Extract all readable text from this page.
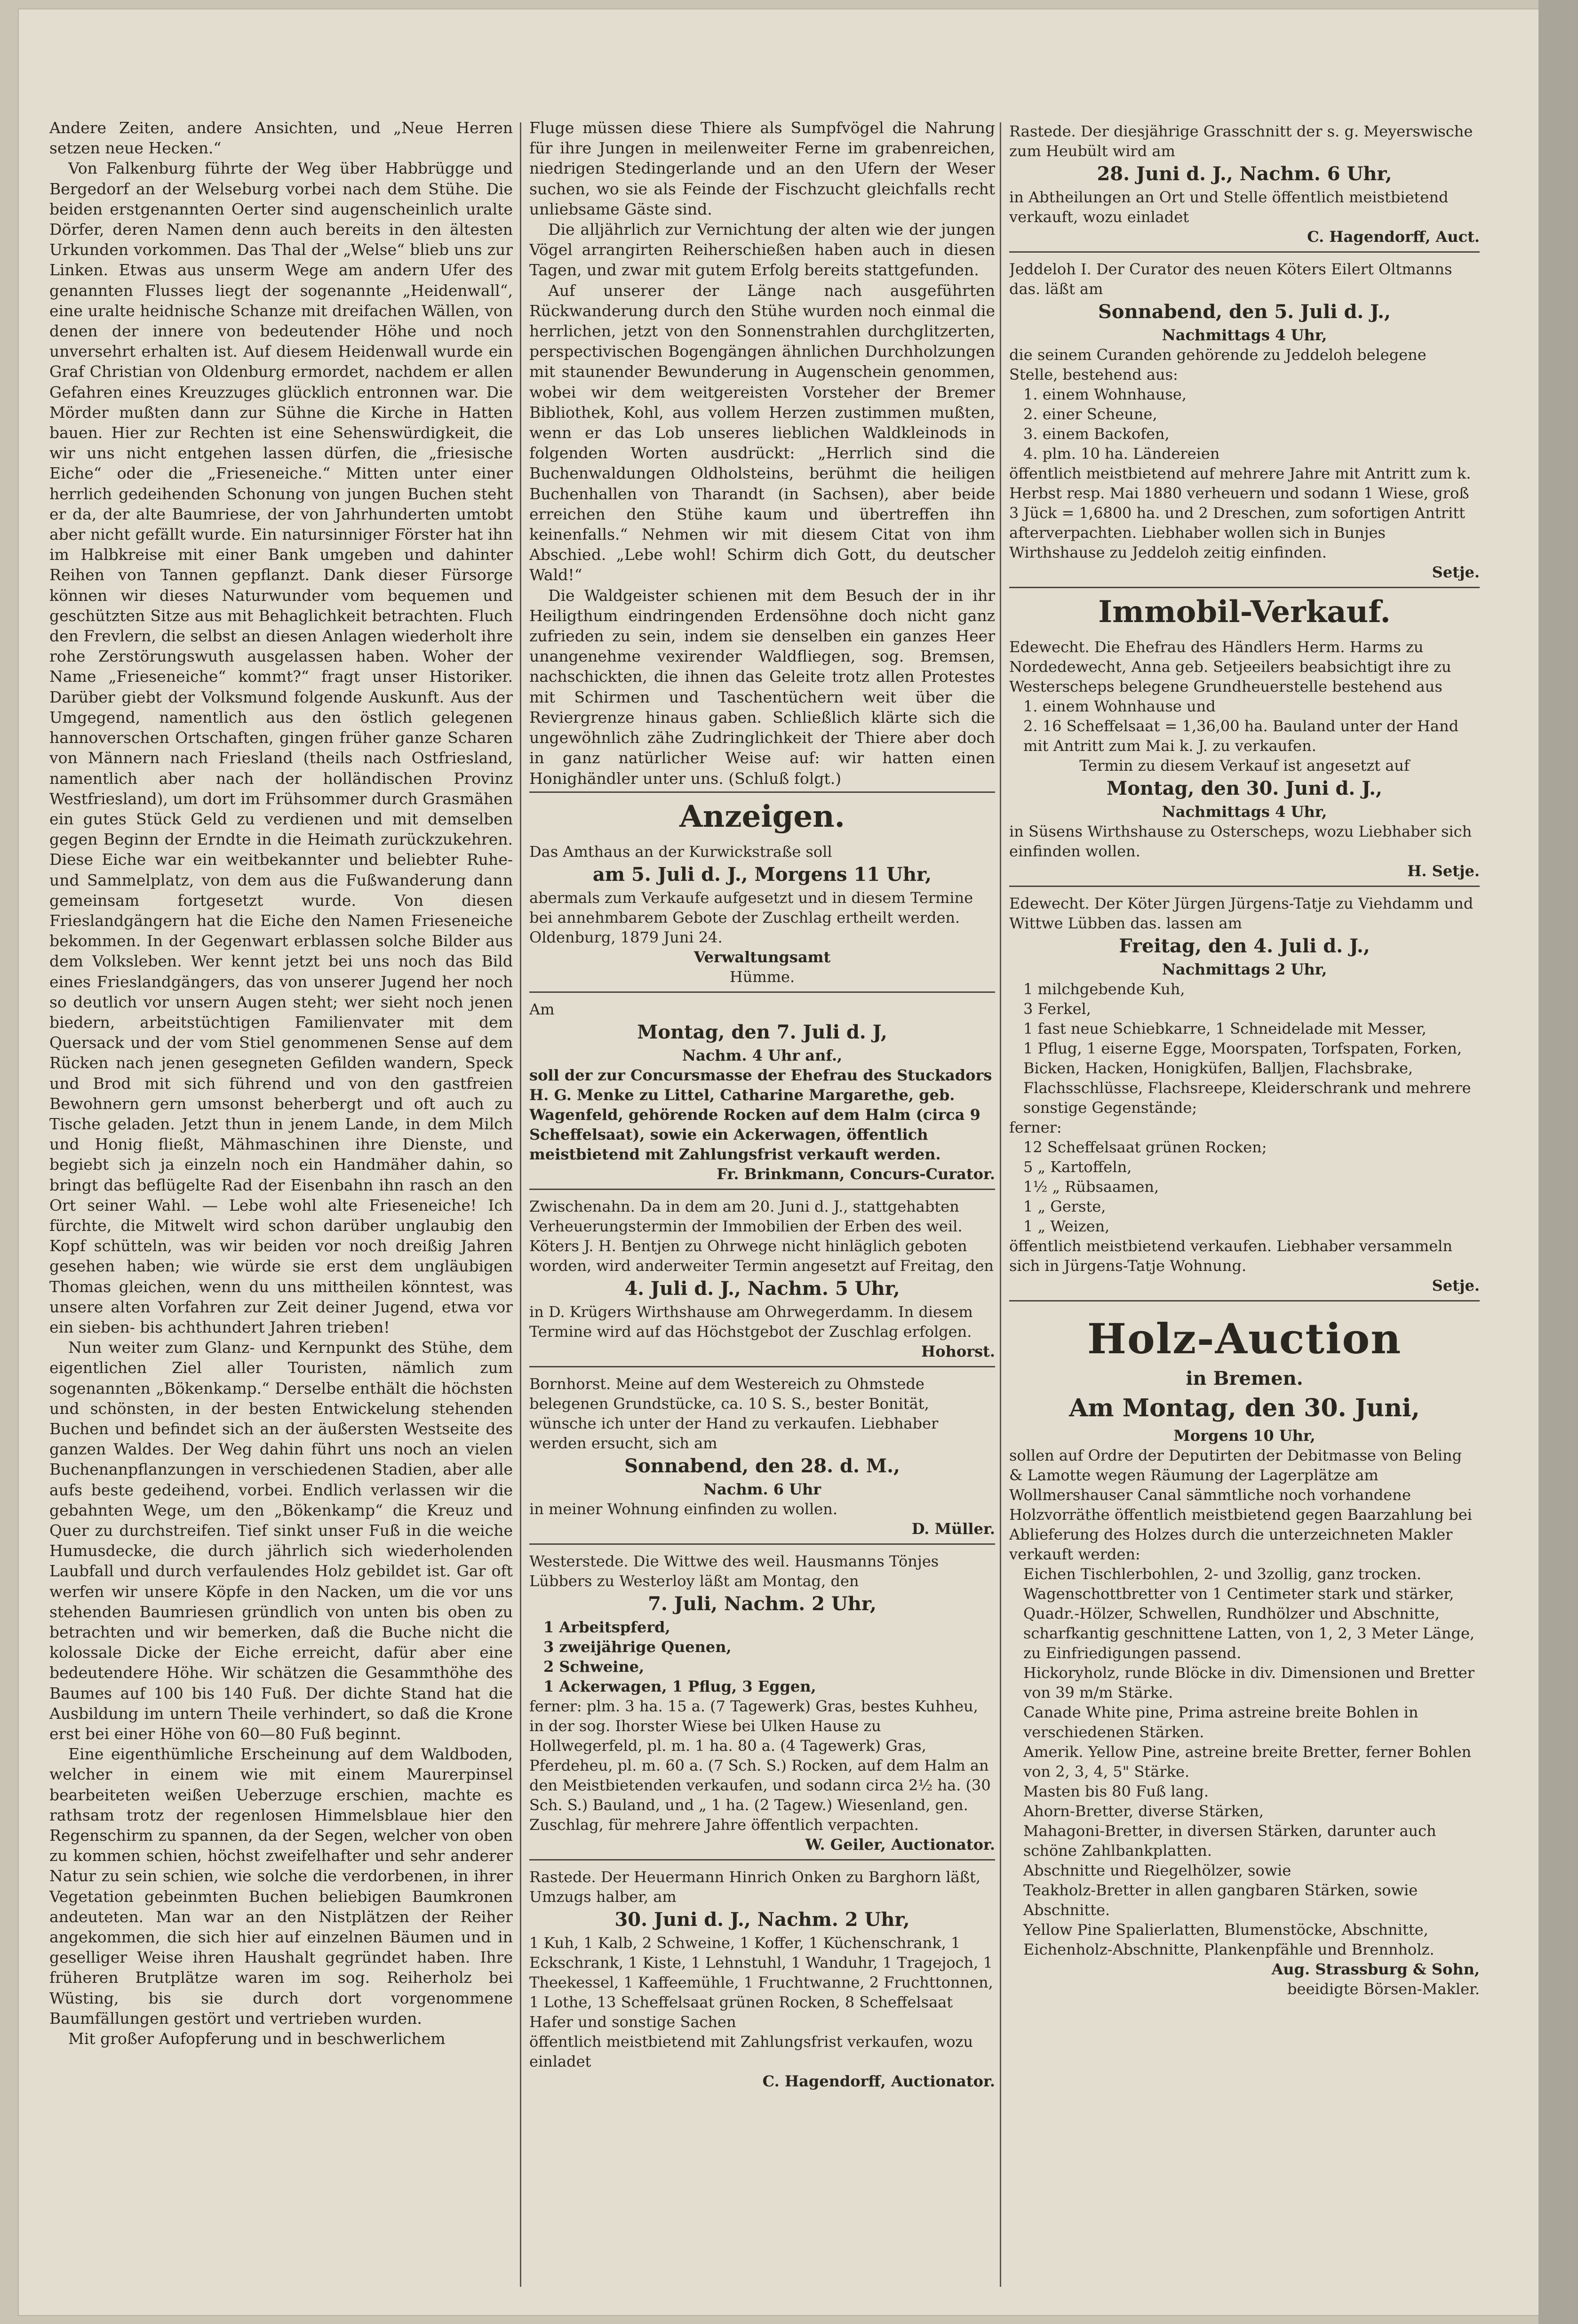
Andere Zeiten, andere Ansichten, und „Neue Herren setzen neue Hecken.“

Von Falkenburg führte der Weg über Habbrügge und Bergedorf an der Welseburg vorbei nach dem Stühe. Die beiden erstgenannten Oerter sind augenscheinlich uralte Dörfer, deren Namen denn auch bereits in den ältesten Urkunden vorkommen. Das Thal der „Welse“ blieb uns zur Linken. Etwas aus unserm Wege am andern Ufer des genannten Flusses liegt der sogenannte „Heidenwall“, eine uralte heidnische Schanze mit dreifachen Wällen, von denen der innere von bedeutender Höhe und noch unversehrt erhalten ist. Auf diesem Heidenwall wurde ein Graf Christian von Oldenburg ermordet, nachdem er allen Gefahren eines Kreuzzuges glücklich entronnen war. Die Mörder mußten dann zur Sühne die Kirche in Hatten bauen. Hier zur Rechten ist eine Sehenswürdigkeit, die wir uns nicht entgehen lassen dürfen, die „friesische Eiche“ oder die „Frieseneiche.“ Mitten unter einer herrlich gedeihenden Schonung von jungen Buchen steht er da, der alte Baumriese, der von Jahrhunderten umtobt aber nicht gefällt wurde. Ein natursinniger Förster hat ihn im Halbkreise mit einer Bank umgeben und dahinter Reihen von Tannen gepflanzt. Dank dieser Fürsorge können wir dieses Naturwunder vom bequemen und geschützten Sitze aus mit Behaglichkeit betrachten. Fluch den Frevlern, die selbst an diesen Anlagen wiederholt ihre rohe Zerstörungswuth ausgelassen haben. Woher der Name „Frieseneiche“ kommt?“ fragt unser Historiker. Darüber giebt der Volksmund folgende Auskunft. Aus der Umgegend, namentlich aus den östlich gelegenen hannoverschen Ortschaften, gingen früher ganze Scharen von Männern nach Friesland (theils nach Ostfriesland, namentlich aber nach der holländischen Provinz Westfriesland), um dort im Frühsommer durch Grasmähen ein gutes Stück Geld zu verdienen und mit demselben gegen Beginn der Erndte in die Heimath zurückzukehren. Diese Eiche war ein weitbekannter und beliebter Ruhe- und Sammelplatz, von dem aus die Fußwanderung dann gemeinsam fortgesetzt wurde. Von diesen Frieslandgängern hat die Eiche den Namen Frieseneiche bekommen. In der Gegenwart erblassen solche Bilder aus dem Volksleben. Wer kennt jetzt bei uns noch das Bild eines Frieslandgängers, das von unserer Jugend her noch so deutlich vor unsern Augen steht; wer sieht noch jenen biedern, arbeitstüchtigen Familienvater mit dem Quersack und der vom Stiel genommenen Sense auf dem Rücken nach jenen gesegneten Gefilden wandern, Speck und Brod mit sich führend und von den gastfreien Bewohnern gern umsonst beherbergt und oft auch zu Tische geladen. Jetzt thun in jenem Lande, in dem Milch und Honig fließt, Mähmaschinen ihre Dienste, und begiebt sich ja einzeln noch ein Handmäher dahin, so bringt das beflügelte Rad der Eisenbahn ihn rasch an den Ort seiner Wahl. — Lebe wohl alte Frieseneiche! Ich fürchte, die Mitwelt wird schon darüber unglaubig den Kopf schütteln, was wir beiden vor noch dreißig Jahren gesehen haben; wie würde sie erst dem ungläubigen Thomas gleichen, wenn du uns mittheilen könntest, was unsere alten Vorfahren zur Zeit deiner Jugend, etwa vor ein sieben- bis achthundert Jahren trieben!

Nun weiter zum Glanz- und Kernpunkt des Stühe, dem eigentlichen Ziel aller Touristen, nämlich zum sogenannten „Bökenkamp.“ Derselbe enthält die höchsten und schönsten, in der besten Entwickelung stehenden Buchen und befindet sich an der äußersten Westseite des ganzen Waldes. Der Weg dahin führt uns noch an vielen Buchenanpflanzungen in verschiedenen Stadien, aber alle aufs beste gedeihend, vorbei. Endlich verlassen wir die gebahnten Wege, um den „Bökenkamp“ die Kreuz und Quer zu durchstreifen. Tief sinkt unser Fuß in die weiche Humusdecke, die durch jährlich sich wiederholenden Laubfall und durch verfaulendes Holz gebildet ist. Gar oft werfen wir unsere Köpfe in den Nacken, um die vor uns stehenden Baumriesen gründlich von unten bis oben zu betrachten und wir bemerken, daß die Buche nicht die kolossale Dicke der Eiche erreicht, dafür aber eine bedeutendere Höhe. Wir schätzen die Gesammthöhe des Baumes auf 100 bis 140 Fuß. Der dichte Stand hat die Ausbildung im untern Theile verhindert, so daß die Krone erst bei einer Höhe von 60—80 Fuß beginnt.

Eine eigenthümliche Erscheinung auf dem Waldboden, welcher in einem wie mit einem Maurerpinsel bearbeiteten weißen Ueberzuge erschien, machte es rathsam trotz der regenlosen Himmelsblaue hier den Regenschirm zu spannen, da der Segen, welcher von oben zu kommen schien, höchst zweifelhafter und sehr anderer Natur zu sein schien, wie solche die verdorbenen, in ihrer Vegetation gebeinmten Buchen beliebigen Baumkronen andeuteten. Man war an den Nistplätzen der Reiher angekommen, die sich hier auf einzelnen Bäumen und in geselliger Weise ihren Haushalt gegründet haben. Ihre früheren Brutplätze waren im sog. Reiherholz bei Wüsting, bis sie durch dort vorgenommene Baumfällungen gestört und vertrieben wurden.

Mit großer Aufopferung und in beschwerlichem

Fluge müssen diese Thiere als Sumpfvögel die Nahrung für ihre Jungen in meilenweiter Ferne im grabenreichen, niedrigen Stedingerlande und an den Ufern der Weser suchen, wo sie als Feinde der Fischzucht gleichfalls recht unliebsame Gäste sind.

Die alljährlich zur Vernichtung der alten wie der jungen Vögel arrangirten Reiherschießen haben auch in diesen Tagen, und zwar mit gutem Erfolg bereits stattgefunden.

Auf unserer der Länge nach ausgeführten Rückwanderung durch den Stühe wurden noch einmal die herrlichen, jetzt von den Sonnenstrahlen durchglitzerten, perspectivischen Bogengängen ähnlichen Durchholzungen mit staunender Bewunderung in Augenschein genommen, wobei wir dem weitgereisten Vorsteher der Bremer Bibliothek, Kohl, aus vollem Herzen zustimmen mußten, wenn er das Lob unseres lieblichen Waldkleinods in folgenden Worten ausdrückt: „Herrlich sind die Buchenwaldungen Oldholsteins, berühmt die heiligen Buchenhallen von Tharandt (in Sachsen), aber beide erreichen den Stühe kaum und übertreffen ihn keinenfalls.“ Nehmen wir mit diesem Citat von ihm Abschied. „Lebe wohl! Schirm dich Gott, du deutscher Wald!“

Die Waldgeister schienen mit dem Besuch der in ihr Heiligthum eindringenden Erdensöhne doch nicht ganz zufrieden zu sein, indem sie denselben ein ganzes Heer unangenehme vexirender Waldfliegen, sog. Bremsen, nachschickten, die ihnen das Geleite trotz allen Protestes mit Schirmen und Taschentüchern weit über die Reviergrenze hinaus gaben. Schließlich klärte sich die ungewöhnlich zähe Zudringlichkeit der Thiere aber doch in ganz natürlicher Weise auf: wir hatten einen Honighändler unter uns. (Schluß folgt.)

Anzeigen.

Das Amthaus an der Kurwickstraße soll

am 5. Juli d. J., Morgens 11 Uhr,

abermals zum Verkaufe aufgesetzt und in diesem Termine bei annehmbarem Gebote der Zuschlag ertheilt werden.

Oldenburg, 1879 Juni 24.

Verwaltungsamt

Hümme.

Am

Montag, den 7. Juli d. J,

Nachm. 4 Uhr anf.,

soll der zur Concursmasse der Ehefrau des Stuckadors H. G. Menke zu Littel, Catharine Margarethe, geb. Wagenfeld, gehörende Rocken auf dem Halm (circa 9 Scheffelsaat), sowie ein Ackerwagen, öffentlich meistbietend mit Zahlungsfrist verkauft werden.

Fr. Brinkmann, Concurs-Curator.

Zwischenahn. Da in dem am 20. Juni d. J., stattgehabten Verheuerungstermin der Immobilien der Erben des weil. Köters J. H. Bentjen zu Ohrwege nicht hinläglich geboten worden, wird anderweiter Termin angesetzt auf Freitag, den

4. Juli d. J., Nachm. 5 Uhr,

in D. Krügers Wirthshause am Ohrwegerdamm. In diesem Termine wird auf das Höchstgebot der Zuschlag erfolgen.

Hohorst.

Bornhorst. Meine auf dem Westereich zu Ohmstede belegenen Grundstücke, ca. 10 S. S., bester Bonität, wünsche ich unter der Hand zu verkaufen. Liebhaber werden ersucht, sich am

Sonnabend, den 28. d. M.,

Nachm. 6 Uhr

in meiner Wohnung einfinden zu wollen.

D. Müller.

Westerstede. Die Wittwe des weil. Hausmanns Tönjes Lübbers zu Westerloy läßt am Montag, den

7. Juli, Nachm. 2 Uhr,

1 Arbeitspferd,

3 zweijährige Quenen,

2 Schweine,

1 Ackerwagen, 1 Pflug, 3 Eggen,

ferner: plm. 3 ha. 15 a. (7 Tagewerk) Gras, bestes Kuhheu, in der sog. Ihorster Wiese bei Ulken Hause zu Hollwegerfeld, pl. m. 1 ha. 80 a. (4 Tagewerk) Gras, Pferdeheu, pl. m. 60 a. (7 Sch. S.) Rocken, auf dem Halm an den Meistbietenden verkaufen, und sodann circa 2½ ha. (30 Sch. S.) Bauland, und „ 1 ha. (2 Tagew.) Wiesenland, gen. Zuschlag, für mehrere Jahre öffentlich verpachten.

W. Geiler, Auctionator.

Rastede. Der Heuermann Hinrich Onken zu Barghorn läßt, Umzugs halber, am

30. Juni d. J., Nachm. 2 Uhr,

1 Kuh, 1 Kalb, 2 Schweine, 1 Koffer, 1 Küchenschrank, 1 Eckschrank, 1 Kiste, 1 Lehnstuhl, 1 Wanduhr, 1 Tragejoch, 1 Theekessel, 1 Kaffeemühle, 1 Fruchtwanne, 2 Fruchttonnen, 1 Lothe, 13 Scheffelsaat grünen Rocken, 8 Scheffelsaat Hafer und sonstige Sachen

öffentlich meistbietend mit Zahlungsfrist verkaufen, wozu einladet

C. Hagendorff, Auctionator.

Rastede. Der diesjährige Grasschnitt der s. g. Meyerswische zum Heubült wird am

28. Juni d. J., Nachm. 6 Uhr,

in Abtheilungen an Ort und Stelle öffentlich meistbietend verkauft, wozu einladet

C. Hagendorff, Auct.

Jeddeloh I. Der Curator des neuen Köters Eilert Oltmanns das. läßt am

Sonnabend, den 5. Juli d. J.,

Nachmittags 4 Uhr,

die seinem Curanden gehörende zu Jeddeloh belegene Stelle, bestehend aus:

1. einem Wohnhause,

2. einer Scheune,

3. einem Backofen,

4. plm. 10 ha. Ländereien

öffentlich meistbietend auf mehrere Jahre mit Antritt zum k. Herbst resp. Mai 1880 verheuern und sodann 1 Wiese, groß 3 Jück = 1,6800 ha. und 2 Dreschen, zum sofortigen Antritt afterverpachten. Liebhaber wollen sich in Bunjes Wirthshause zu Jeddeloh zeitig einfinden.

Setje.

Immobil-Verkauf.

Edewecht. Die Ehefrau des Händlers Herm. Harms zu Nordedewecht, Anna geb. Setjeeilers beabsichtigt ihre zu Westerscheps belegene Grundheuerstelle bestehend aus

1. einem Wohnhause und

2. 16 Scheffelsaat = 1,36,00 ha. Bauland unter der Hand mit Antritt zum Mai k. J. zu verkaufen.

Termin zu diesem Verkauf ist angesetzt auf

Montag, den 30. Juni d. J.,

Nachmittags 4 Uhr,

in Süsens Wirthshause zu Osterscheps, wozu Liebhaber sich einfinden wollen.

H. Setje.

Edewecht. Der Köter Jürgen Jürgens-Tatje zu Viehdamm und Wittwe Lübben das. lassen am

Freitag, den 4. Juli d. J.,

Nachmittags 2 Uhr,

1 milchgebende Kuh,

3 Ferkel,

1 fast neue Schiebkarre, 1 Schneidelade mit Messer,

1 Pflug, 1 eiserne Egge, Moorspaten, Torfspaten, Forken, Bicken, Hacken, Honigküfen, Balljen, Flachsbrake, Flachsschlüsse, Flachsreepe, Kleiderschrank und mehrere sonstige Gegenstände;

ferner:

12 Scheffelsaat grünen Rocken;

5 „ Kartoffeln,

1½ „ Rübsaamen,

1 „ Gerste,

1 „ Weizen,

öffentlich meistbietend verkaufen. Liebhaber versammeln sich in Jürgens-Tatje Wohnung.

Setje.

Holz-Auction

in Bremen.

Am Montag, den 30. Juni,

Morgens 10 Uhr,

sollen auf Ordre der Deputirten der Debitmasse von Beling & Lamotte wegen Räumung der Lagerplätze am Wollmershauser Canal sämmtliche noch vorhandene Holzvorräthe öffentlich meistbietend gegen Baarzahlung bei Ablieferung des Holzes durch die unterzeichneten Makler verkauft werden:

Eichen Tischlerbohlen, 2- und 3zollig, ganz trocken.

Wagenschottbretter von 1 Centimeter stark und stärker,

Quadr.-Hölzer, Schwellen, Rundhölzer und Abschnitte,

scharfkantig geschnittene Latten, von 1, 2, 3 Meter Länge, zu Einfriedigungen passend.

Hickoryholz, runde Blöcke in div. Dimensionen und Bretter von 39 m/m Stärke.

Canade White pine, Prima astreine breite Bohlen in verschiedenen Stärken.

Amerik. Yellow Pine, astreine breite Bretter, ferner Bohlen von 2, 3, 4, 5" Stärke.

Masten bis 80 Fuß lang.

Ahorn-Bretter, diverse Stärken,

Mahagoni-Bretter, in diversen Stärken, darunter auch schöne Zahlbankplatten.

Abschnitte und Riegelhölzer, sowie

Teakholz-Bretter in allen gangbaren Stärken, sowie Abschnitte.

Yellow Pine Spalierlatten, Blumenstöcke, Abschnitte, Eichenholz-Abschnitte, Plankenpfähle und Brennholz.

Aug. Strassburg & Sohn,

beeidigte Börsen-Makler.
